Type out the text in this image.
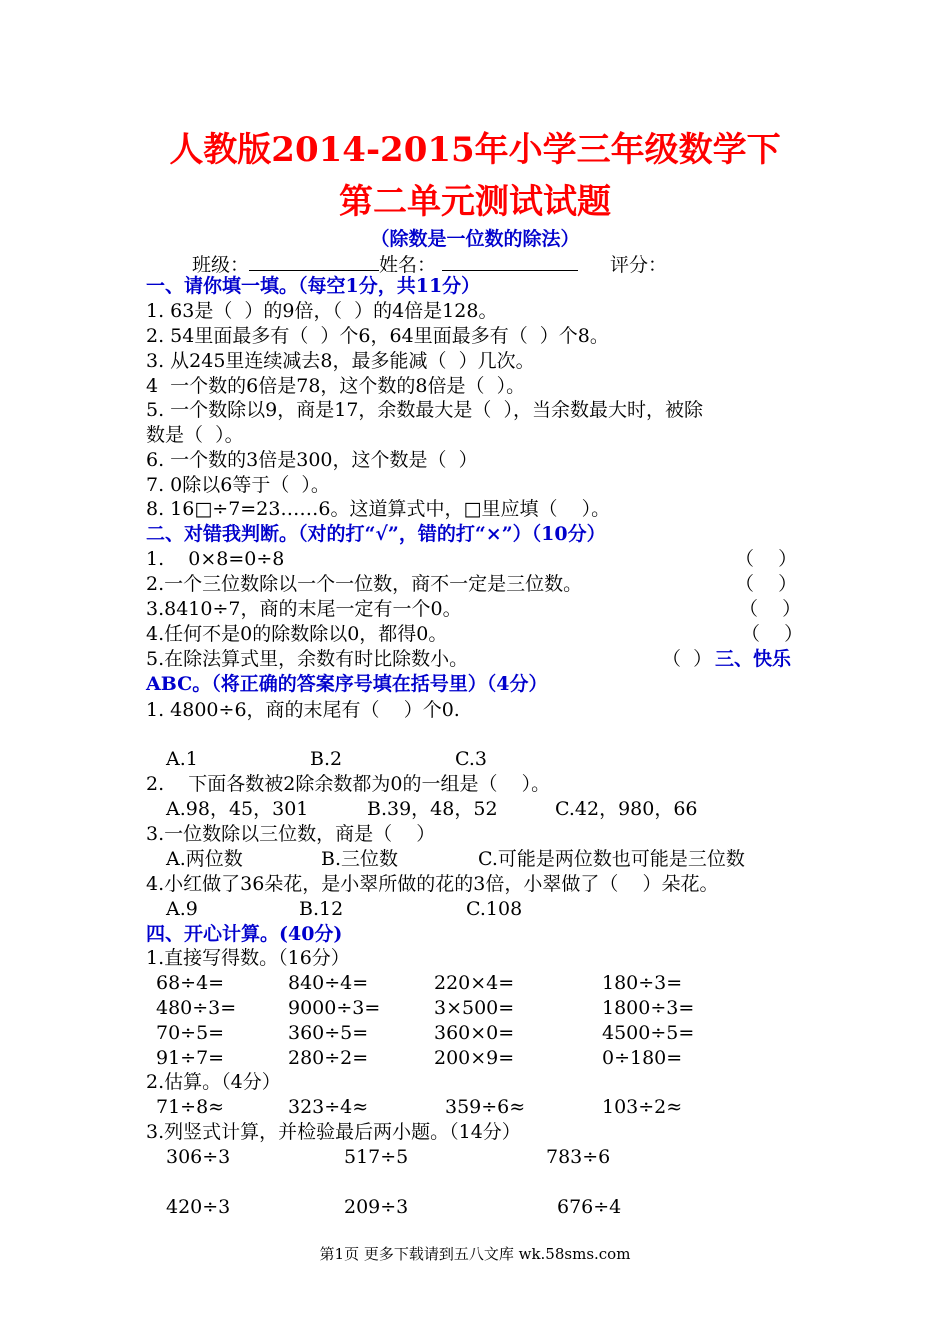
人教版2014-2015年小学三年级数学下
第二单元测试试题
（除数是一位数的除法）
班级：	姓名：	评分：
一、请你填一填。（每空1分，共11分）
1. 63是（  ）的9倍，（  ）的4倍是128。
2. 54里面最多有（  ）个6，64里面最多有（  ）个8。
3. 从245里连续减去8，最多能减（  ）几次。
4  一个数的6倍是78，这个数的8倍是（  ）。
5. 一个数除以9，商是17，余数最大是（  ），当余数最大时，被除
数是（  ）。
6. 一个数的3倍是300，这个数是（  ）
7. 0除以6等于（  ）。
8. 16□÷7=23……6。这道算式中，□里应填（    ）。
二、对错我判断。（对的打“√”，错的打“×”）（10分）
1.    0×8=0÷8	（    ）
2.一个三位数除以一个一位数，商不一定是三位数。	（    ）
3.8410÷7，商的末尾一定有一个0。	（    ）
4.任何不是0的除数除以0，都得0。	（    ）
5.在除法算式里，余数有时比除数小。	（  ） 三、快乐
ABC。（将正确的答案序号填在括号里）（4分）
1. 4800÷6，商的末尾有（    ）个0.
A.1	B.2	C.3
2.    下面各数被2除余数都为0的一组是（    ）。
A.98，45，301	B.39，48，52	C.42，980，66
3.一位数除以三位数，商是（    ）
A.两位数	B.三位数	C.可能是两位数也可能是三位数
4.小红做了36朵花，是小翠所做的花的3倍，小翠做了（    ）朵花。
A.9	B.12	C.108
四、开心计算。(40分)
1.直接写得数。（16分）
68÷4=	840÷4=	220×4=	180÷3=
480÷3=	9000÷3=	3×500=	1800÷3=
70÷5=	360÷5=	360×0=	4500÷5=
91÷7=	280÷2=	200×9=	0÷180=
2.估算。（4分）
71÷8≈	323÷4≈	359÷6≈	103÷2≈
3.列竖式计算，并检验最后两小题。（14分）
306÷3	517÷5	783÷6
420÷3	209÷3	676÷4
第1页 更多下载请到五八文库 wk.58sms.com
